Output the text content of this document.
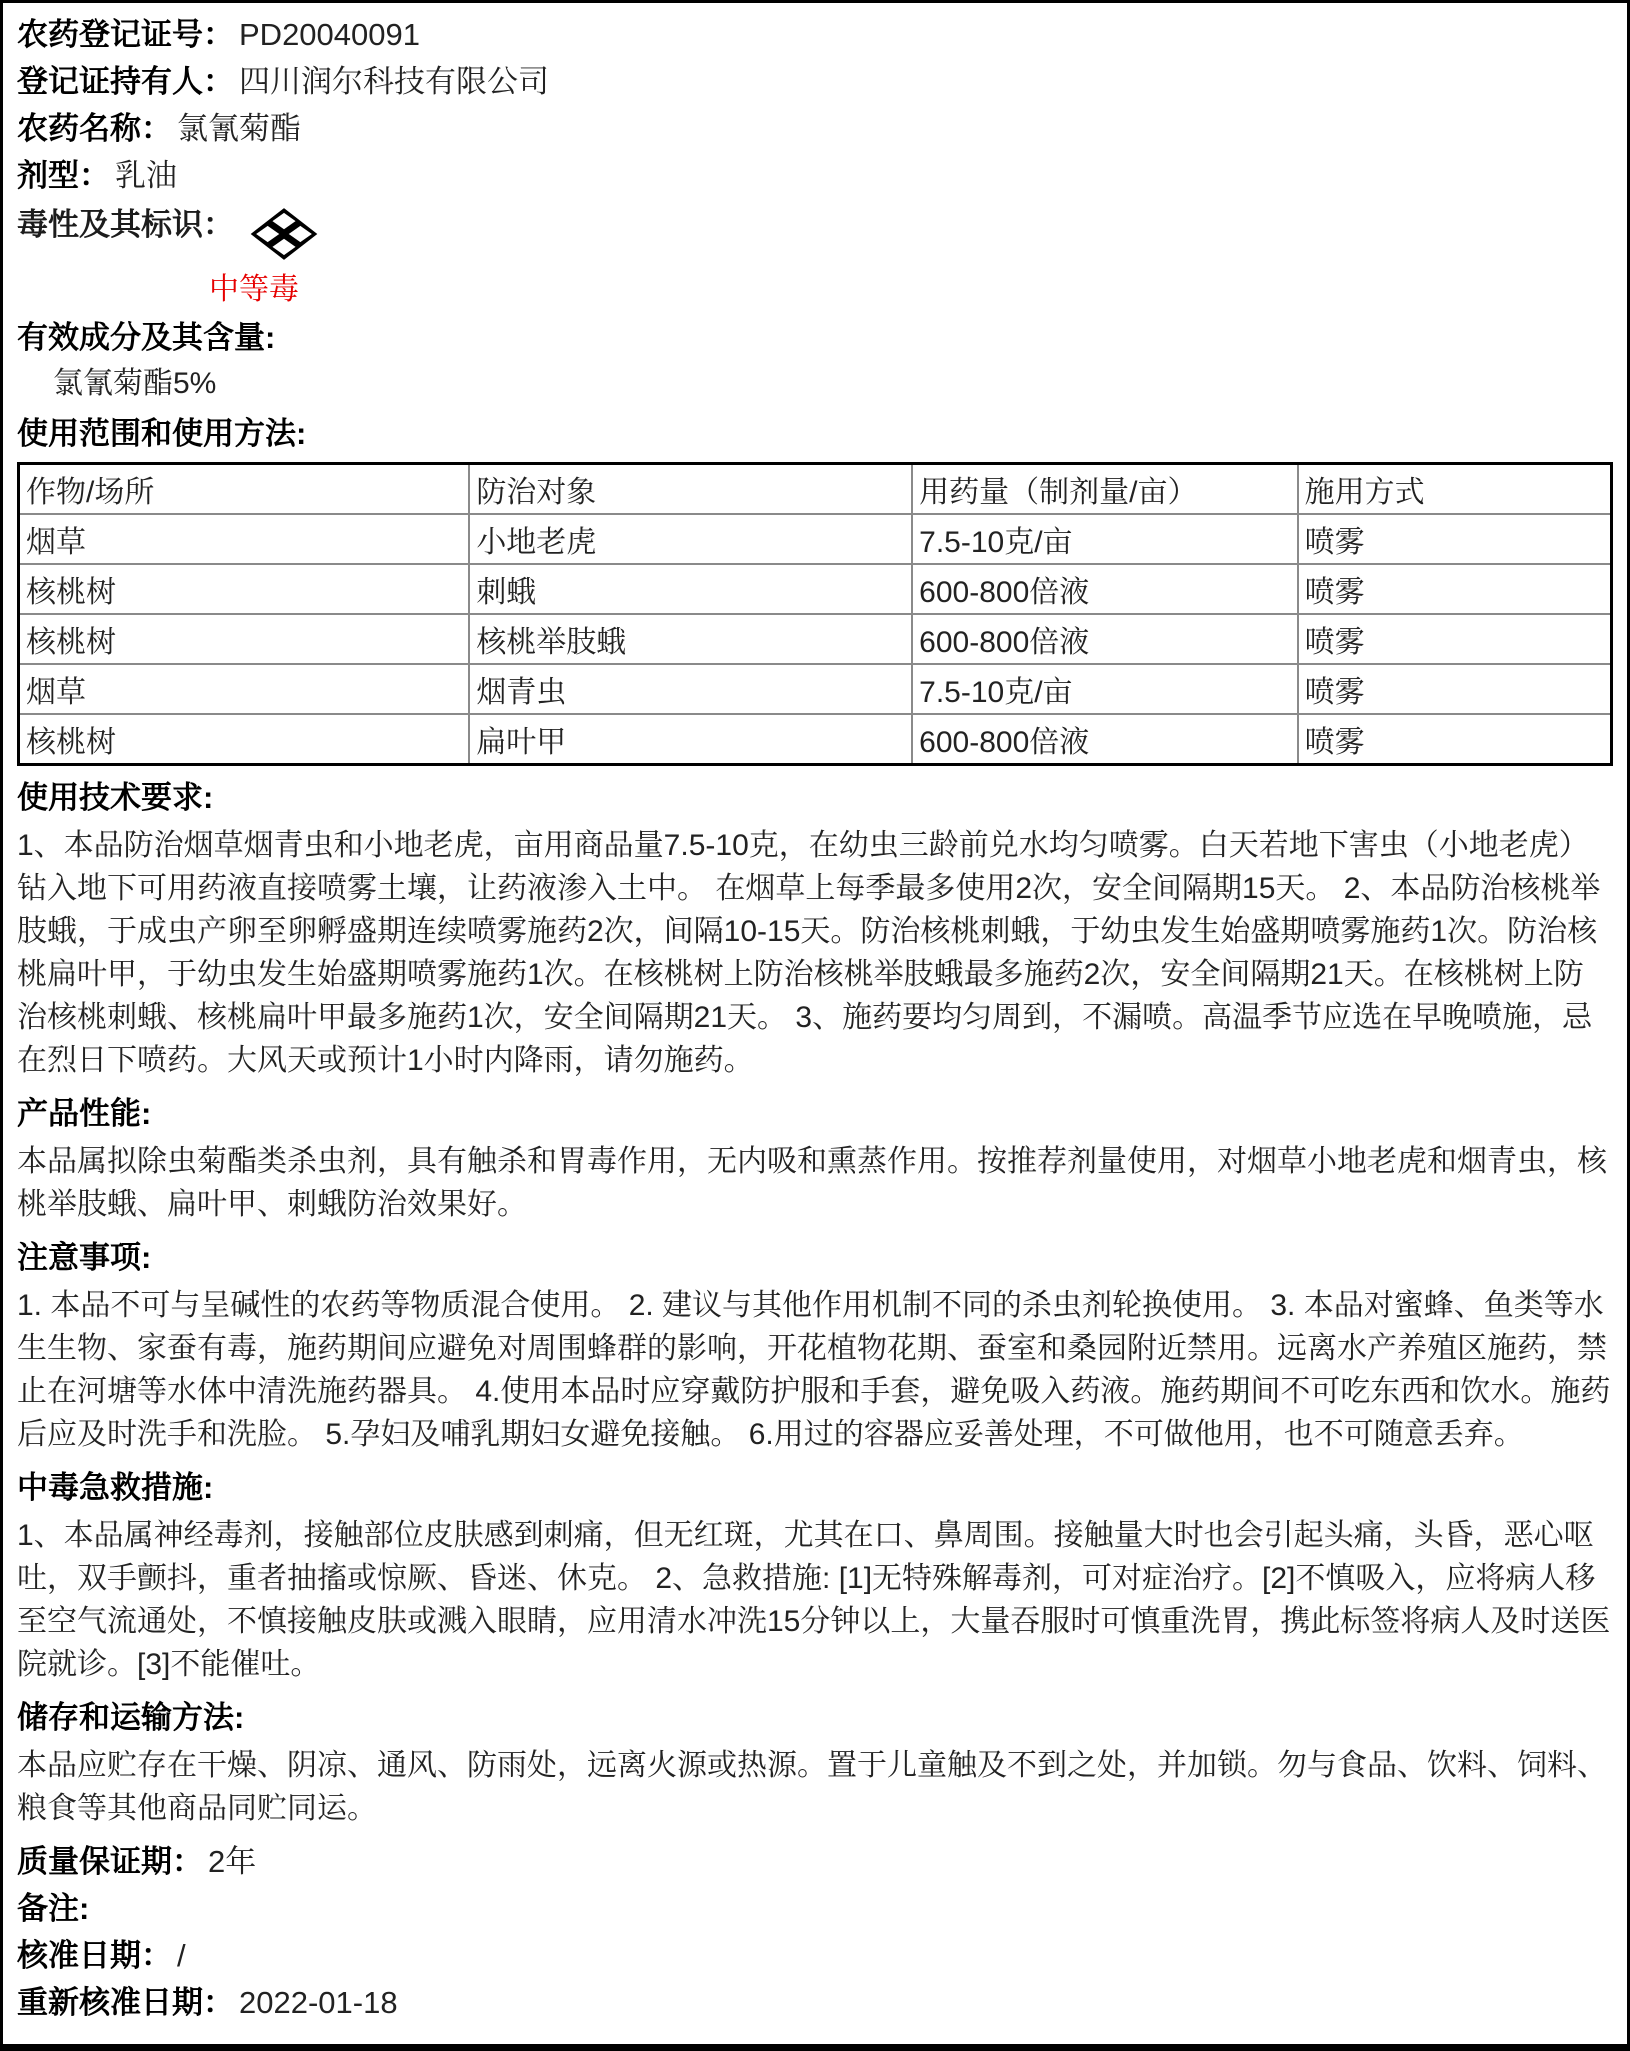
农药登记证号： PD20040091
登记证持有人： 四川润尔科技有限公司
农药名称： 氯氰菊酯
剂型： 乳油
毒性及其标识：
中等毒
有效成分及其含量:
氯氰菊酯5%
使用范围和使用方法:
作物/场所	防治对象	用药量（制剂量/亩）	施用方式
烟草	小地老虎	7.5-10克/亩	喷雾
核桃树	刺蛾	600-800倍液	喷雾
核桃树	核桃举肢蛾	600-800倍液	喷雾
烟草	烟青虫	7.5-10克/亩	喷雾
核桃树	扁叶甲	600-800倍液	喷雾
使用技术要求:
1、本品防治烟草烟青虫和小地老虎，亩用商品量7.5-10克，在幼虫三龄前兑水均匀喷雾。白天若地下害虫（小地老虎）钻入地下可用药液直接喷雾土壤，让药液渗入土中。 在烟草上每季最多使用2次，安全间隔期15天。 2、本品防治核桃举肢蛾，于成虫产卵至卵孵盛期连续喷雾施药2次，间隔10-15天。防治核桃刺蛾，于幼虫发生始盛期喷雾施药1次。防治核桃扁叶甲，于幼虫发生始盛期喷雾施药1次。在核桃树上防治核桃举肢蛾最多施药2次，安全间隔期21天。在核桃树上防治核桃刺蛾、核桃扁叶甲最多施药1次，安全间隔期21天。 3、施药要均匀周到，不漏喷。高温季节应选在早晚喷施，忌在烈日下喷药。大风天或预计1小时内降雨，请勿施药。
产品性能:
本品属拟除虫菊酯类杀虫剂，具有触杀和胃毒作用，无内吸和熏蒸作用。按推荐剂量使用，对烟草小地老虎和烟青虫，核桃举肢蛾、扁叶甲、刺蛾防治效果好。
注意事项:
1. 本品不可与呈碱性的农药等物质混合使用。 2. 建议与其他作用机制不同的杀虫剂轮换使用。 3. 本品对蜜蜂、鱼类等水生生物、家蚕有毒，施药期间应避免对周围蜂群的影响，开花植物花期、蚕室和桑园附近禁用。远离水产养殖区施药，禁止在河塘等水体中清洗施药器具。 4.使用本品时应穿戴防护服和手套，避免吸入药液。施药期间不可吃东西和饮水。施药后应及时洗手和洗脸。 5.孕妇及哺乳期妇女避免接触。 6.用过的容器应妥善处理，不可做他用，也不可随意丢弃。
中毒急救措施:
1、本品属神经毒剂，接触部位皮肤感到刺痛，但无红斑，尤其在口、鼻周围。接触量大时也会引起头痛，头昏，恶心呕吐，双手颤抖，重者抽搐或惊厥、昏迷、休克。 2、急救措施: [1]无特殊解毒剂，可对症治疗。[2]不慎吸入，应将病人移至空气流通处，不慎接触皮肤或溅入眼睛，应用清水冲洗15分钟以上，大量吞服时可慎重洗胃，携此标签将病人及时送医院就诊。[3]不能催吐。
储存和运输方法:
本品应贮存在干燥、阴凉、通风、防雨处，远离火源或热源。置于儿童触及不到之处，并加锁。勿与食品、饮料、饲料、粮食等其他商品同贮同运。
质量保证期： 2年
备注:
核准日期： /
重新核准日期： 2022-01-18
